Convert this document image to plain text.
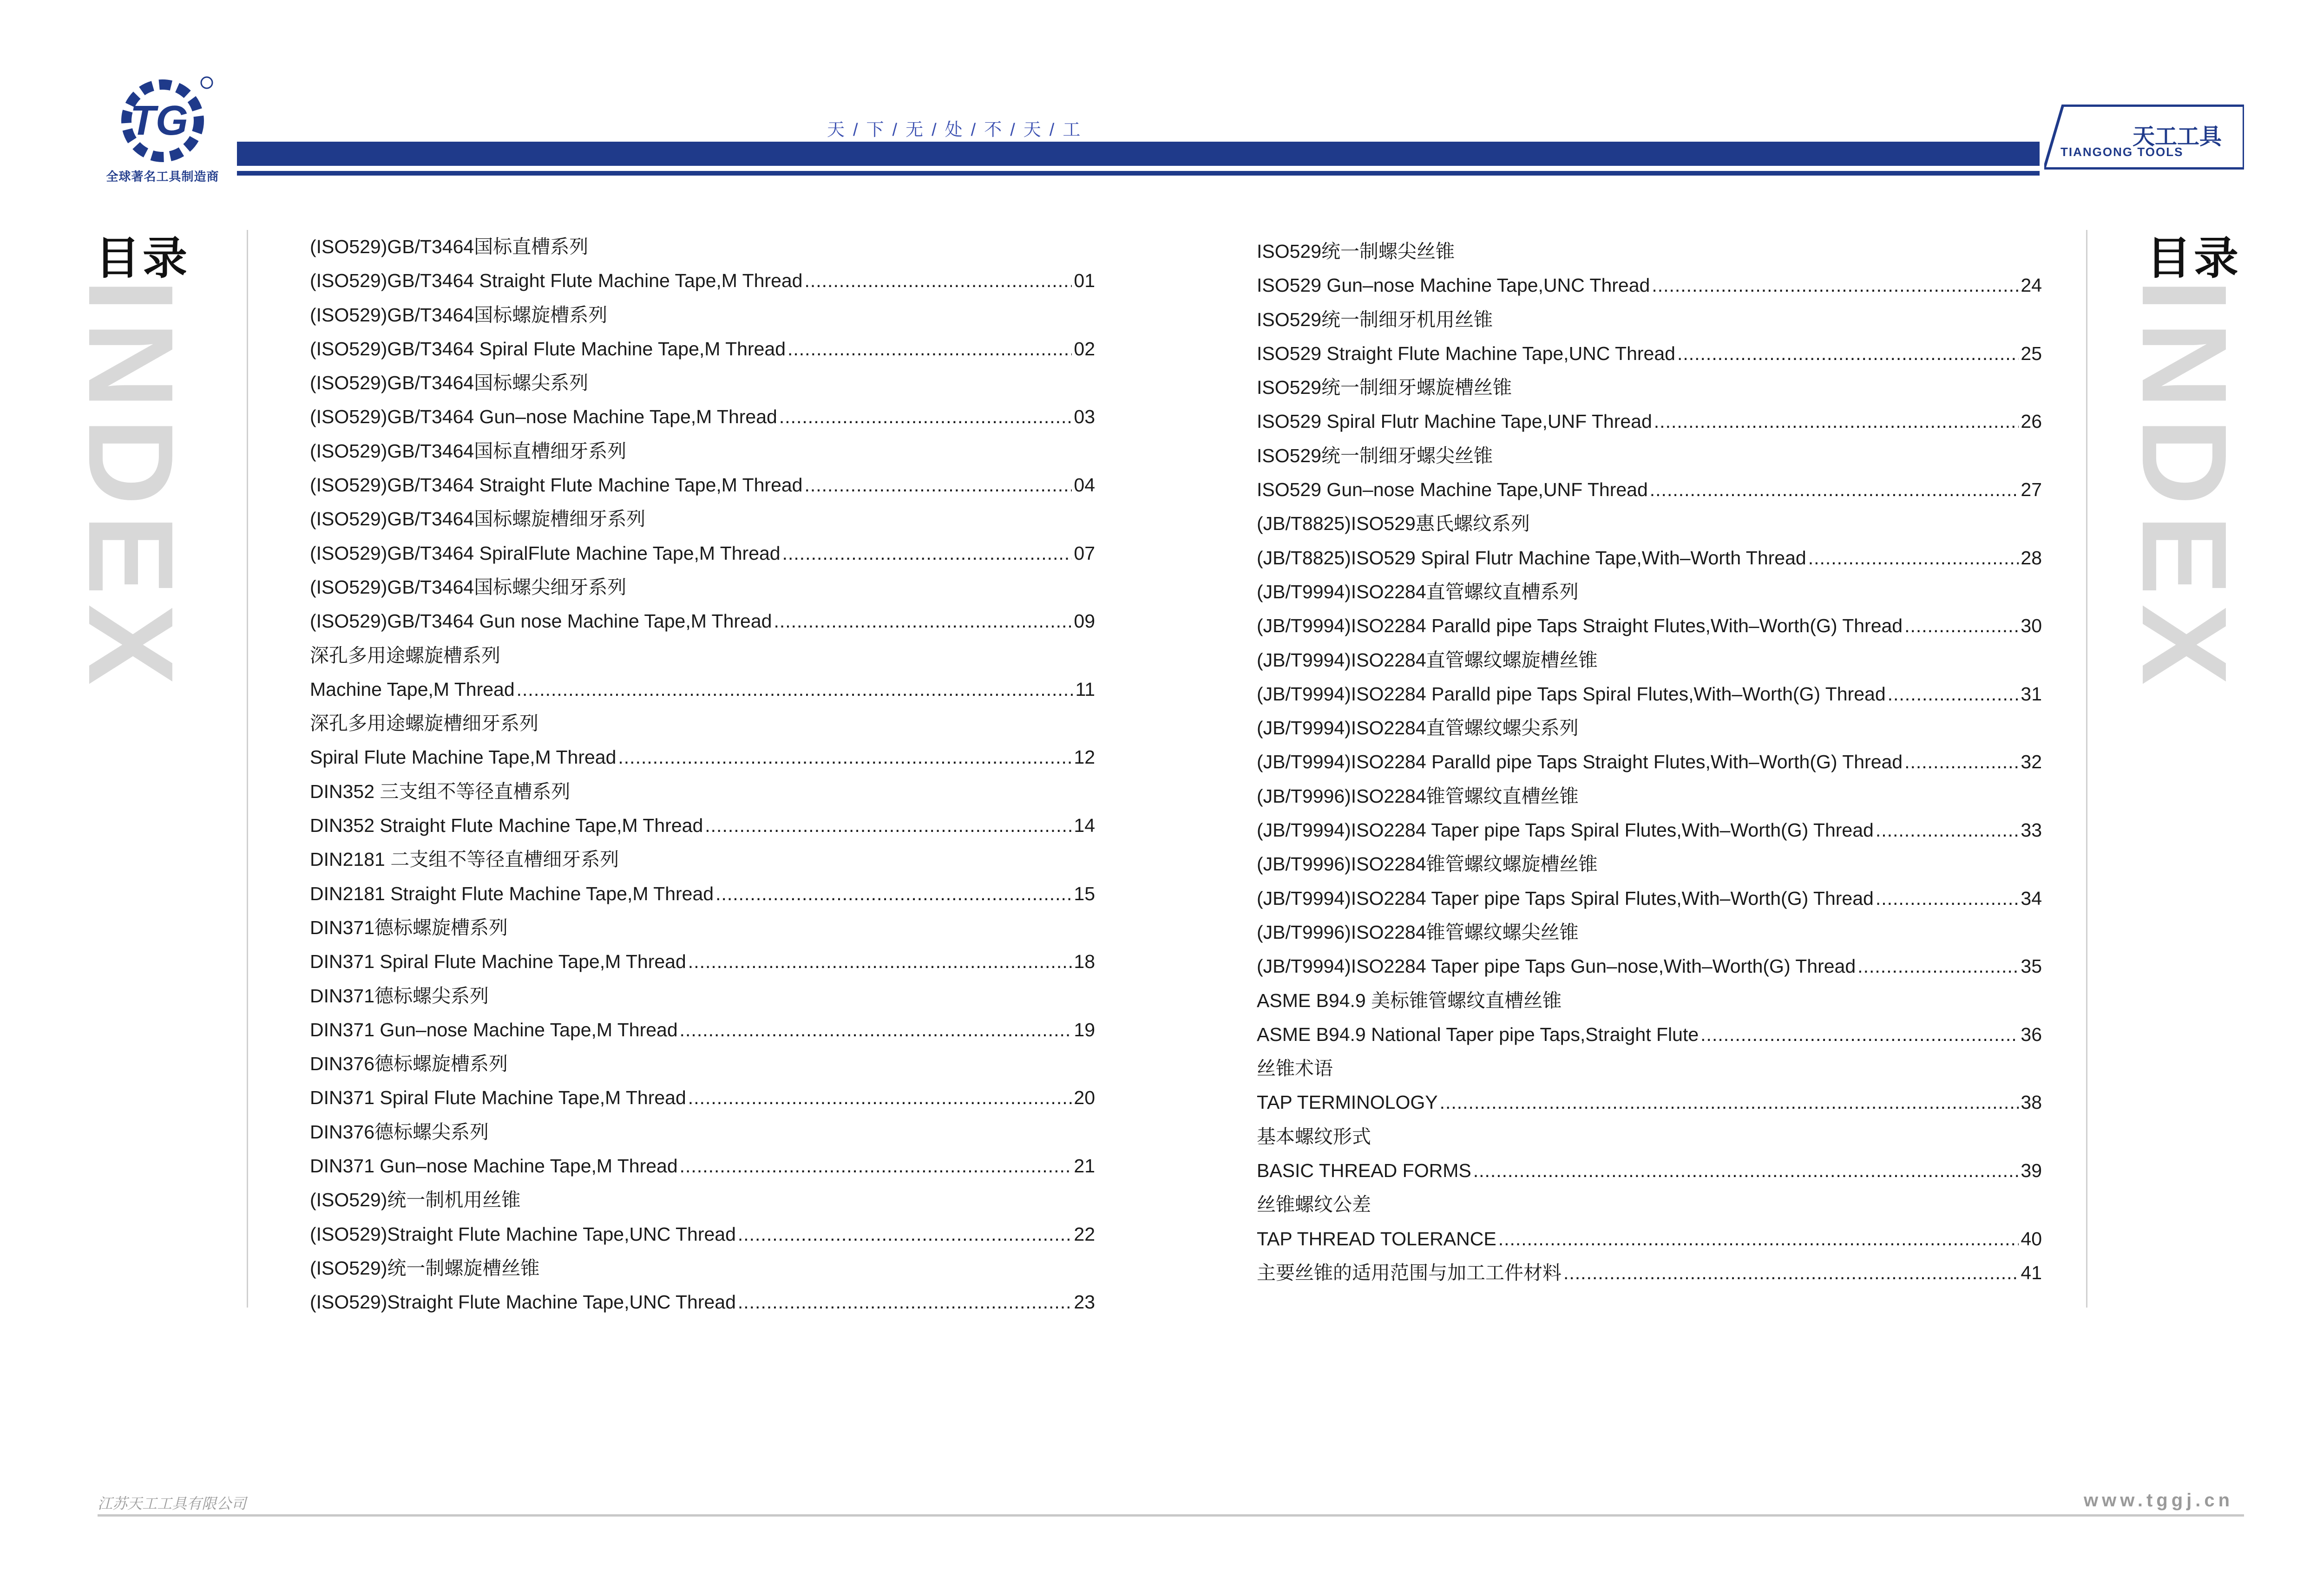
TG
全球著名工具制造商
天/下/无/处/不/天/工	天工工具
TIANGONG TOOLS
目录
INDEX
目录
INDEX
(ISO529)GB/T3464国标直槽系列
(ISO529)GB/T3464 Straight Flute Machine Tape,M Thread .....	01
(ISO529)GB/T3464国标螺旋槽系列
(ISO529)GB/T3464 Spiral Flute Machine Tape,M Thread .....	02
(ISO529)GB/T3464国标螺尖系列
(ISO529)GB/T3464 Gun–nose Machine Tape,M Thread .....	03
(ISO529)GB/T3464国标直槽细牙系列
(ISO529)GB/T3464 Straight Flute Machine Tape,M Thread .....	04
(ISO529)GB/T3464国标螺旋槽细牙系列
(ISO529)GB/T3464 SpiralFlute Machine Tape,M Thread .....	07
(ISO529)GB/T3464国标螺尖细牙系列
(ISO529)GB/T3464 Gun nose Machine Tape,M Thread .....	09
深孔多用途螺旋槽系列
Machine Tape,M Thread .....	11
深孔多用途螺旋槽细牙系列
Spiral Flute Machine Tape,M Thread .....	12
DIN352 三支组不等径直槽系列
DIN352 Straight Flute Machine Tape,M Thread .....	14
DIN2181 二支组不等径直槽细牙系列
DIN2181 Straight Flute Machine Tape,M Thread .....	15
DIN371德标螺旋槽系列
DIN371 Spiral Flute Machine Tape,M Thread .....	18
DIN371德标螺尖系列
DIN371 Gun–nose Machine Tape,M Thread .....	19
DIN376德标螺旋槽系列
DIN371 Spiral Flute Machine Tape,M Thread .....	20
DIN376德标螺尖系列
DIN371 Gun–nose Machine Tape,M Thread .....	21
(ISO529)统一制机用丝锥
(ISO529)Straight Flute Machine Tape,UNC Thread .....	22
(ISO529)统一制螺旋槽丝锥
(ISO529)Straight Flute Machine Tape,UNC Thread .....	23
ISO529统一制螺尖丝锥
ISO529 Gun–nose Machine Tape,UNC Thread .....	24
ISO529统一制细牙机用丝锥
ISO529 Straight Flute Machine Tape,UNC Thread .....	25
ISO529统一制细牙螺旋槽丝锥
ISO529 Spiral Flutr Machine Tape,UNF Thread .....	26
ISO529统一制细牙螺尖丝锥
ISO529 Gun–nose Machine Tape,UNF Thread .....	27
(JB/T8825)ISO529惠氏螺纹系列
(JB/T8825)ISO529 Spiral Flutr Machine Tape,With–Worth Thread .....	28
(JB/T9994)ISO2284直管螺纹直槽系列
(JB/T9994)ISO2284 Paralld pipe Taps Straight Flutes,With–Worth(G) Thread .....	30
(JB/T9994)ISO2284直管螺纹螺旋槽丝锥
(JB/T9994)ISO2284 Paralld pipe Taps Spiral Flutes,With–Worth(G) Thread .....	31
(JB/T9994)ISO2284直管螺纹螺尖系列
(JB/T9994)ISO2284 Paralld pipe Taps Straight Flutes,With–Worth(G) Thread .....	32
(JB/T9996)ISO2284锥管螺纹直槽丝锥
(JB/T9994)ISO2284 Taper pipe Taps Spiral Flutes,With–Worth(G) Thread .....	33
(JB/T9996)ISO2284锥管螺纹螺旋槽丝锥
(JB/T9994)ISO2284 Taper pipe Taps Spiral Flutes,With–Worth(G) Thread .....	34
(JB/T9996)ISO2284锥管螺纹螺尖丝锥
(JB/T9994)ISO2284 Taper pipe Taps Gun–nose,With–Worth(G) Thread .....	35
ASME B94.9 美标锥管螺纹直槽丝锥
ASME B94.9 National Taper pipe Taps,Straight Flute .....	36
丝锥术语
TAP TERMINOLOGY .....	38
基本螺纹形式
BASIC THREAD FORMS .....	39
丝锥螺纹公差
TAP THREAD TOLERANCE .....	40
主要丝锥的适用范围与加工工件材料 .....	41
江苏天工工具有限公司	www.tggj.cn
